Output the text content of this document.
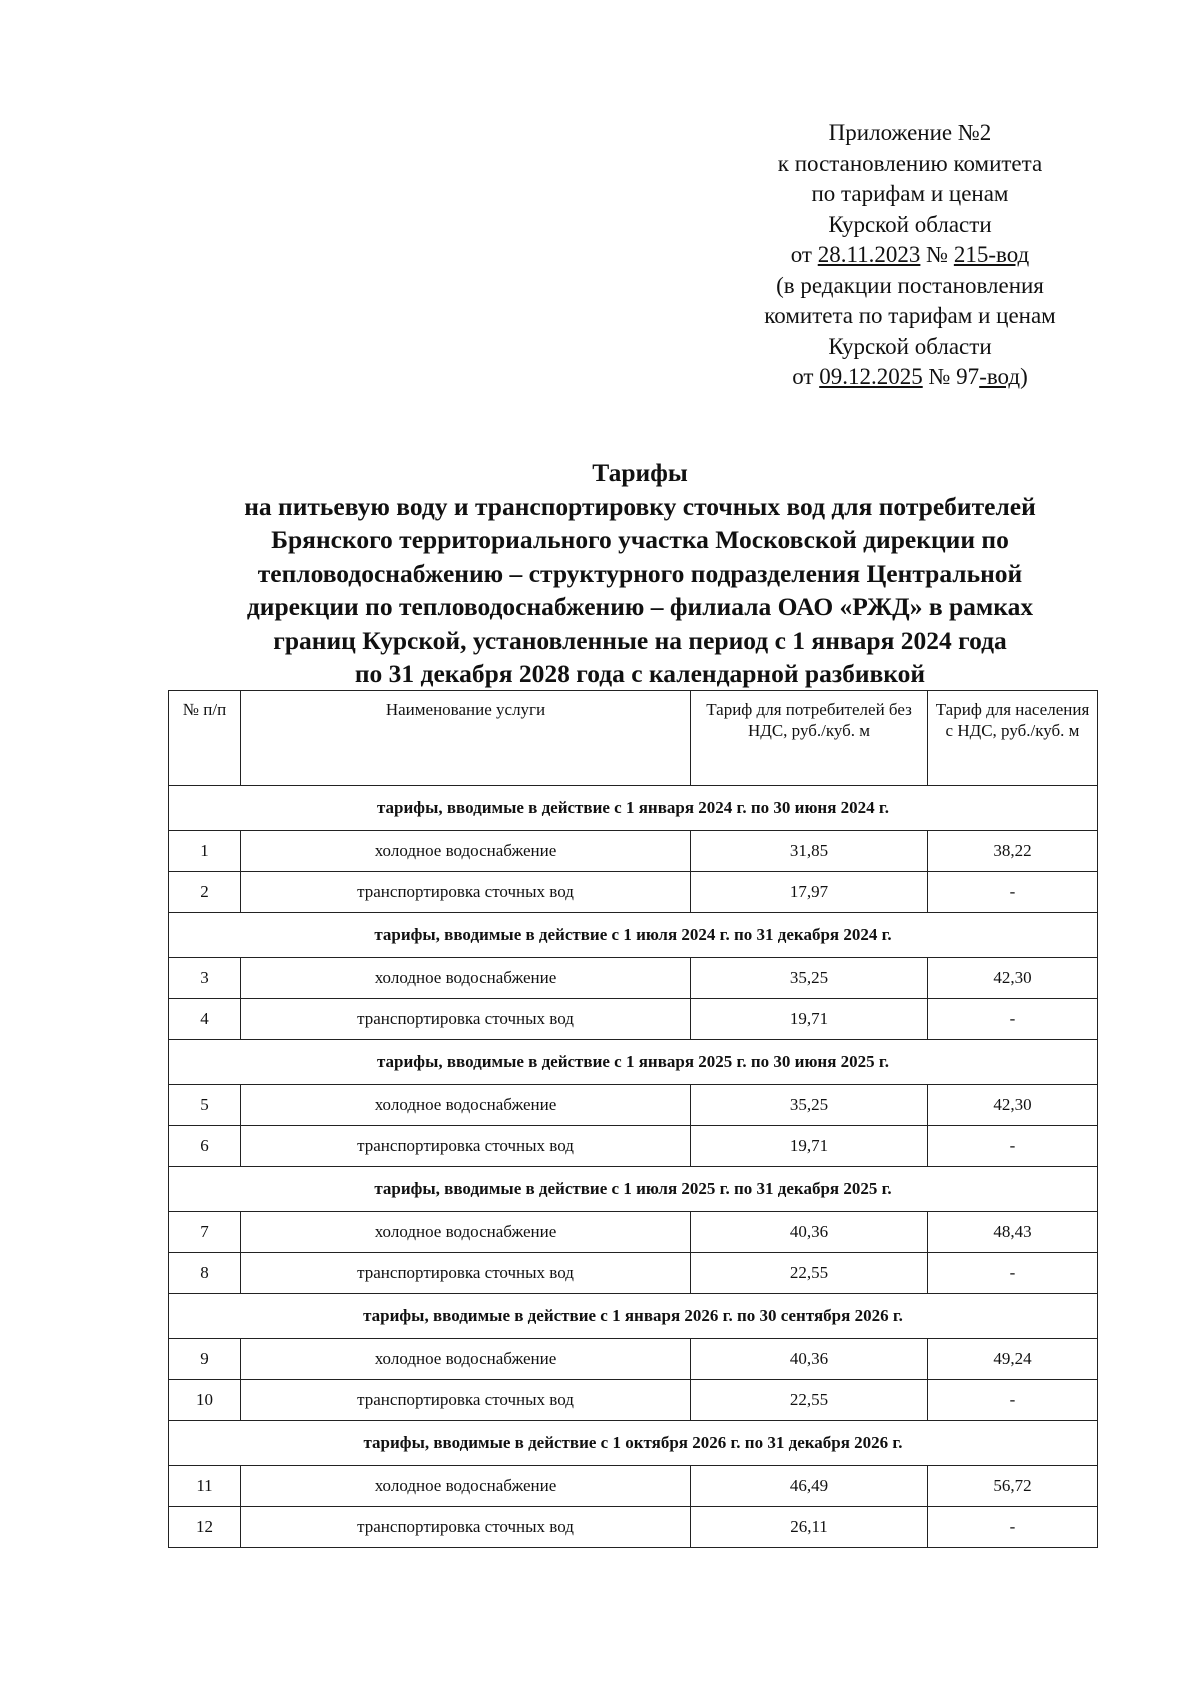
Приложение №2
к постановлению комитета
по тарифам и ценам
Курской области
от 28.11.2023 № 215-вод
(в редакции постановления
комитета по тарифам и ценам
Курской области
от 09.12.2025 № 97-вод)
Тарифы
на питьевую воду и транспортировку сточных вод для потребителей
Брянского территориального участка Московской дирекции по
тепловодоснабжению – структурного подразделения Центральной
дирекции по тепловодоснабжению – филиала ОАО «РЖД» в рамках
границ Курской, установленные на период с 1 января 2024 года
по 31 декабря 2028 года с календарной разбивкой
№ п/п	Наименование услуги	Тариф для потребителей без НДС, руб./куб. м	Тариф для населения с НДС, руб./куб. м
тарифы, вводимые в действие с 1 января 2024 г. по 30 июня 2024 г.			
1	холодное водоснабжение	31,85	38,22
2	транспортировка сточных вод	17,97	-
тарифы, вводимые в действие с 1 июля 2024 г. по 31 декабря 2024 г.			
3	холодное водоснабжение	35,25	42,30
4	транспортировка сточных вод	19,71	-
тарифы, вводимые в действие с 1 января 2025 г. по 30 июня 2025 г.			
5	холодное водоснабжение	35,25	42,30
6	транспортировка сточных вод	19,71	-
тарифы, вводимые в действие с 1 июля 2025 г. по 31 декабря 2025 г.			
7	холодное водоснабжение	40,36	48,43
8	транспортировка сточных вод	22,55	-
тарифы, вводимые в действие с 1 января 2026 г. по 30 сентября 2026 г.			
9	холодное водоснабжение	40,36	49,24
10	транспортировка сточных вод	22,55	-
тарифы, вводимые в действие с 1 октября 2026 г. по 31 декабря 2026 г.			
11	холодное водоснабжение	46,49	56,72
12	транспортировка сточных вод	26,11	-
